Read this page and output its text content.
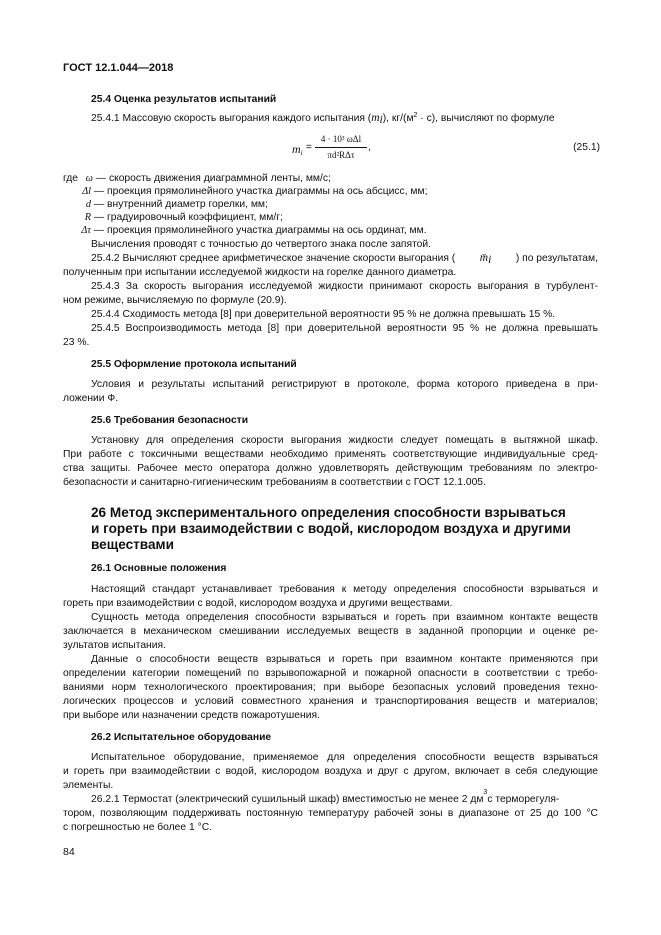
ГОСТ 12.1.044—2018
25.4 Оценка результатов испытаний
25.4.1 Массовую скорость выгорания каждого испытания $(m_i)$, $кг/(м^2 \cdot с)$, вычисляют по формуле
$m_i$ =
4 · 10³ ωΔl
πd²RΔτ
,	(25.1)
где ω — скорость движения диаграммной ленты, мм/с;
Δl — проекция прямолинейного участка диаграммы на ось абсцисс, мм;
d — внутренний диаметр горелки, мм;
R — градуировочный коэффициент, мм/г;
Δτ — проекция прямолинейного участка диаграммы на ось ординат, мм.
Вычисления проводят с точностью до четвертого знака после запятой.
25.4.2 Вычисляют среднее арифметическое значение скорости выгорания ( $m̄_i$ ) по результатам,
полученным при испытании исследуемой жидкости на горелке данного диаметра.
25.4.3 За скорость выгорания исследуемой жидкости принимают скорость выгорания в турбулент-
ном режиме, вычисляемую по формуле (20.9).
25.4.4 Сходимость метода [8] при доверительной вероятности 95 % не должна превышать 15 %.
25.4.5 Воспроизводимость метода [8] при доверительной вероятности 95 % не должна превышать
23 %.
25.5 Оформление протокола испытаний
Условия и результаты испытаний регистрируют в протоколе, форма которого приведена в при-
ложении Ф.
25.6 Требования безопасности
Установку для определения скорости выгорания жидкости следует помещать в вытяжной шкаф.
При работе с токсичными веществами необходимо применять соответствующие индивидуальные сред-
ства защиты. Рабочее место оператора должно удовлетворять действующим требованиям по электро-
безопасности и санитарно-гигиеническим требованиям в соответствии с ГОСТ 12.1.005.
26 Метод экспериментального определения способности взрываться
и гореть при взаимодействии с водой, кислородом воздуха и другими
веществами
26.1 Основные положения
Настоящий стандарт устанавливает требования к методу определения способности взрываться и
гореть при взаимодействии с водой, кислородом воздуха и другими веществами.
Сущность метода определения способности взрываться и гореть при взаимном контакте веществ
заключается в механическом смешивании исследуемых веществ в заданной пропорции и оценке ре-
зультатов испытания.
Данные о способности веществ взрываться и гореть при взаимном контакте применяются при
определении категории помещений по взрывопожарной и пожарной опасности в соответствии с требо-
ваниями норм технологического проектирования; при выборе безопасных условий проведения техно-
логических процессов и условий совместного хранения и транспортирования веществ и материалов;
при выборе или назначении средств пожаротушения.
26.2 Испытательное оборудование
Испытательное оборудование, применяемое для определения способности веществ взрываться
и гореть при взаимодействии с водой, кислородом воздуха и друг с другом, включает в себя следующие
элементы.
26.2.1 Термостат (электрический сушильный шкаф) вместимостью не менее 2 дм
3
с терморегуля-
тором, позволяющим поддерживать постоянную температуру рабочей зоны в диапазоне от 25 до 100 °С
с погрешностью не более 1 °С.
84
